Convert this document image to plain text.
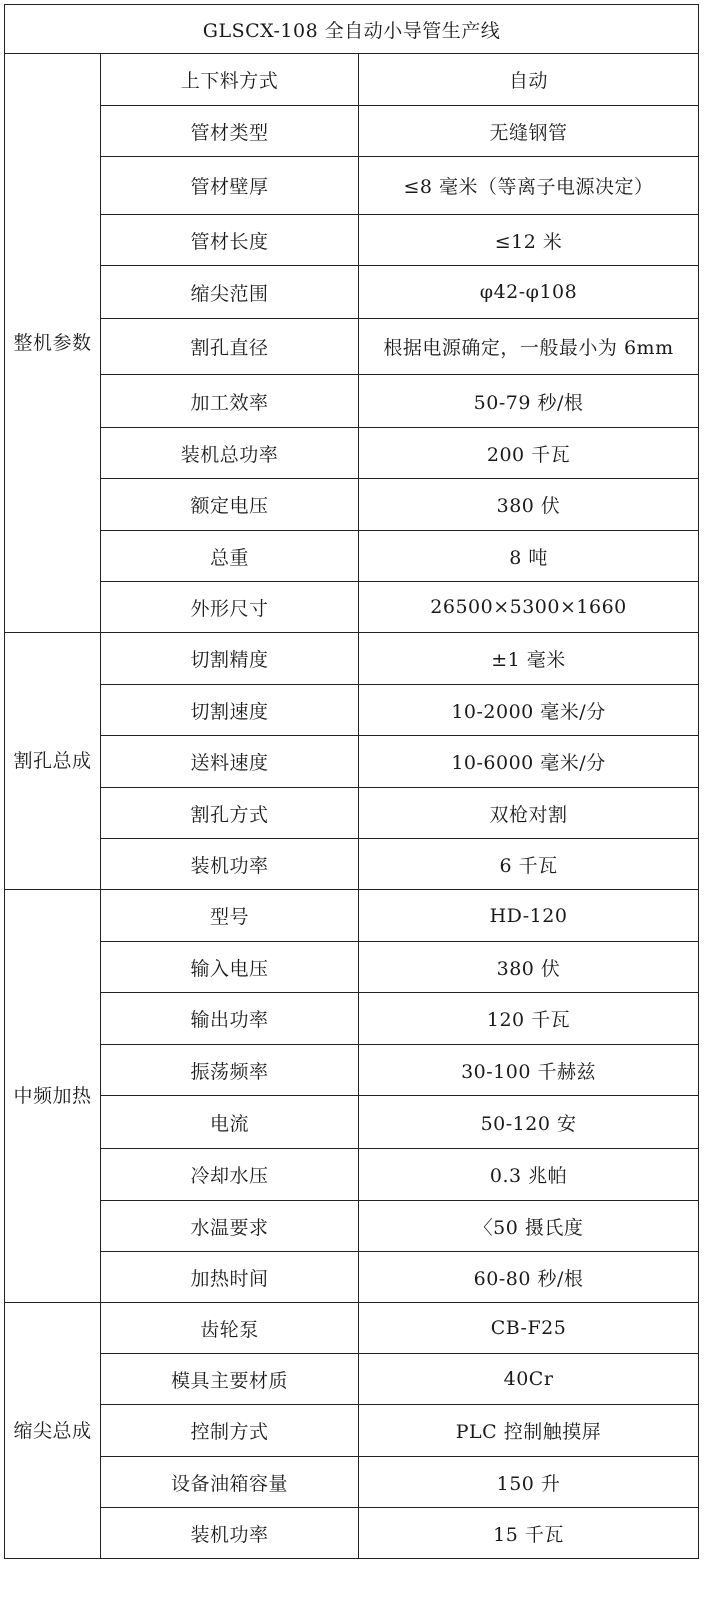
GLSCX-108 全自动小导管生产线		
整机参数	上下料方式	自动
	管材类型	无缝钢管
	管材壁厚	≤8 毫米（等离子电源决定）
	管材长度	≤12 米
	缩尖范围	φ42-φ108
	割孔直径	根据电源确定，一般最小为 6mm
	加工效率	50-79 秒/根
	装机总功率	200 千瓦
	额定电压	380 伏
	总重	8 吨
	外形尺寸	26500×5300×1660
割孔总成	切割精度	±1 毫米
	切割速度	10-2000 毫米/分
	送料速度	10-6000 毫米/分
	割孔方式	双枪对割
	装机功率	6 千瓦
中频加热	型号	HD-120
	输入电压	380 伏
	输出功率	120 千瓦
	振荡频率	30-100 千赫兹
	电流	50-120 安
	冷却水压	0.3 兆帕
	水温要求	〈50 摄氏度
	加热时间	60-80 秒/根
缩尖总成	齿轮泵	CB-F25
	模具主要材质	40Cr
	控制方式	PLC 控制触摸屏
	设备油箱容量	150 升
	装机功率	15 千瓦
